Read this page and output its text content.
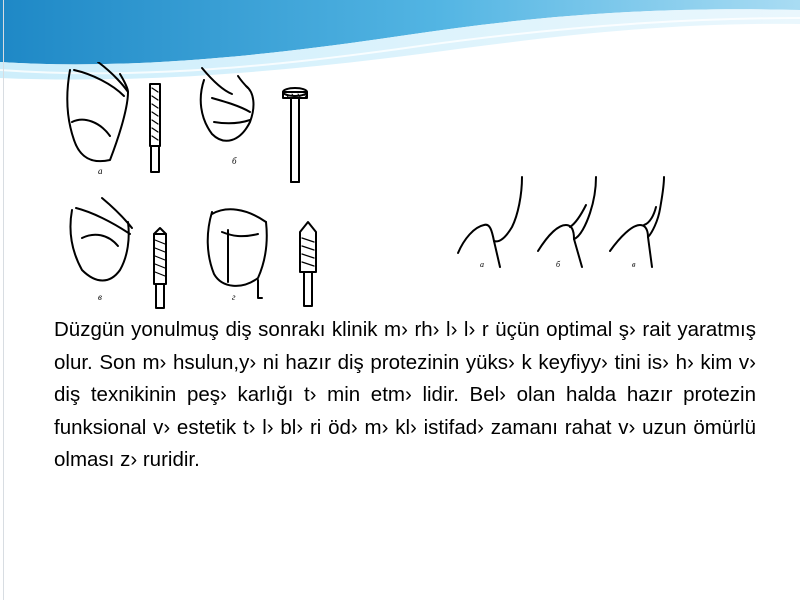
а
б
в	г
а	б	в

Düzgün yonulmuş diş sonrakı klinik m› rh› l› l› r üçün optimal ş› rait yaratmış olur. Son m› hsulun,y› ni hazır diş protezinin yüks› k keyfiyy› tini is› h› kim v› diş texnikinin peş› karlığı t› min etm› lidir. Bel› olan halda hazır protezin funksional v› estetik t› l› bl› ri öd› m› kl› istifad› zamanı rahat v› uzun ömürlü olması z› ruridir.
